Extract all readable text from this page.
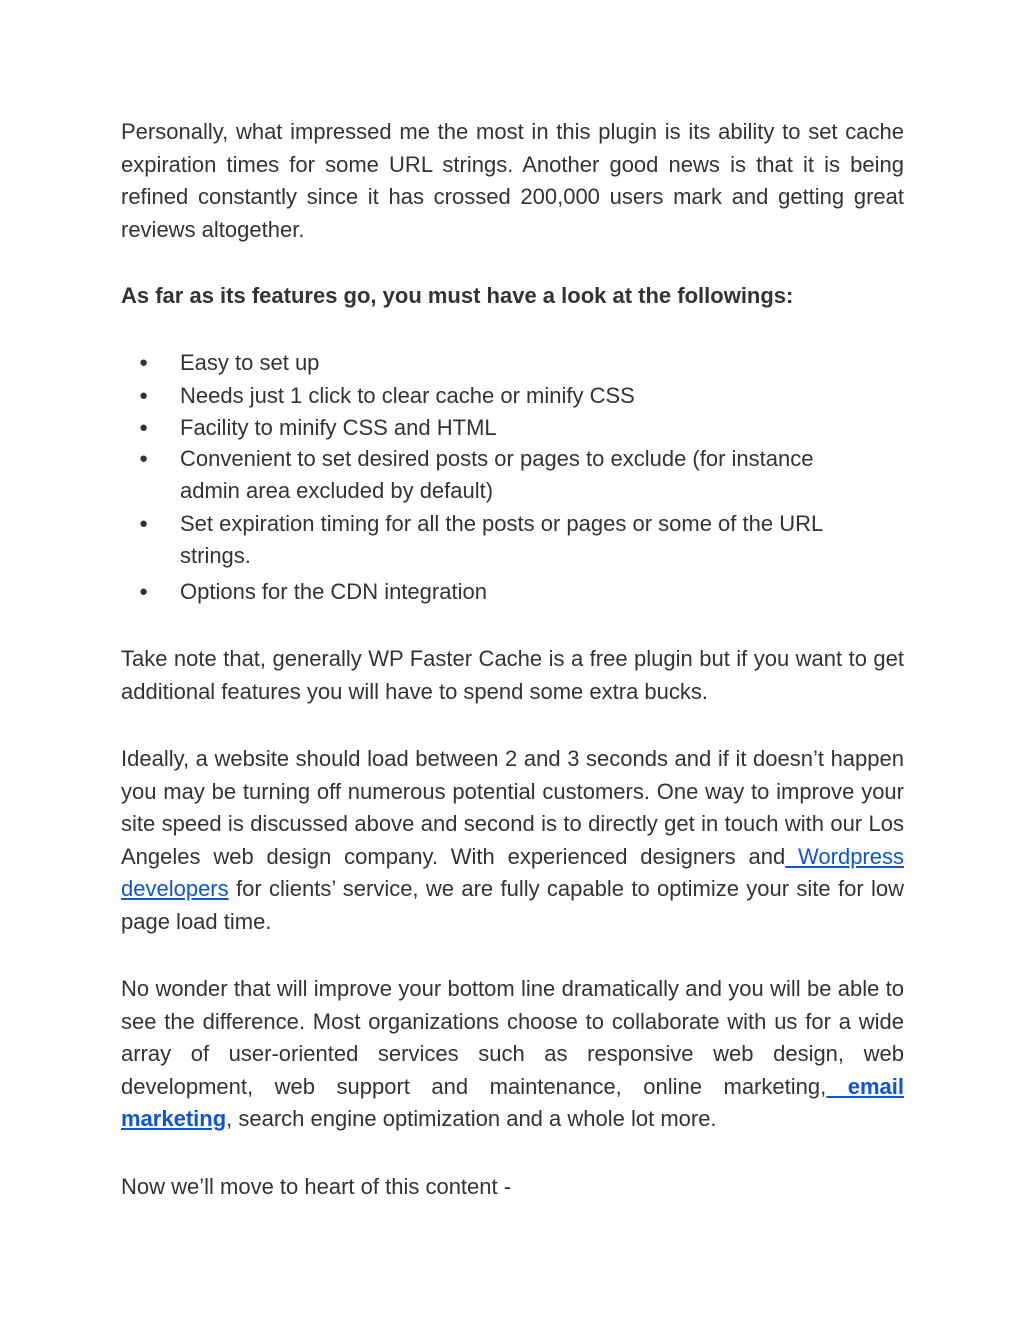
Personally, what impressed me the most in this plugin is its ability to set cache expiration times for some URL strings. Another good news is that it is being refined constantly since it has crossed 200,000 users mark and getting great reviews altogether.

As far as its features go, you must have a look at the followings:

● Easy to set up
● Needs just 1 click to clear cache or minify CSS
● Facility to minify CSS and HTML
● Convenient to set desired posts or pages to exclude (for instance admin area excluded by default)
● Set expiration timing for all the posts or pages or some of the URL strings.
● Options for the CDN integration

Take note that, generally WP Faster Cache is a free plugin but if you want to get additional features you will have to spend some extra bucks.

Ideally, a website should load between 2 and 3 seconds and if it doesn’t happen you may be turning off numerous potential customers. One way to improve your site speed is discussed above and second is to directly get in touch with our Los Angeles web design company. With experienced designers and Wordpress developers for clients’ service, we are fully capable to optimize your site for low page load time.

No wonder that will improve your bottom line dramatically and you will be able to see the difference. Most organizations choose to collaborate with us for a wide array of user-oriented services such as responsive web design, web development, web support and maintenance, online marketing, email marketing, search engine optimization and a whole lot more.

Now we’ll move to heart of this content -
